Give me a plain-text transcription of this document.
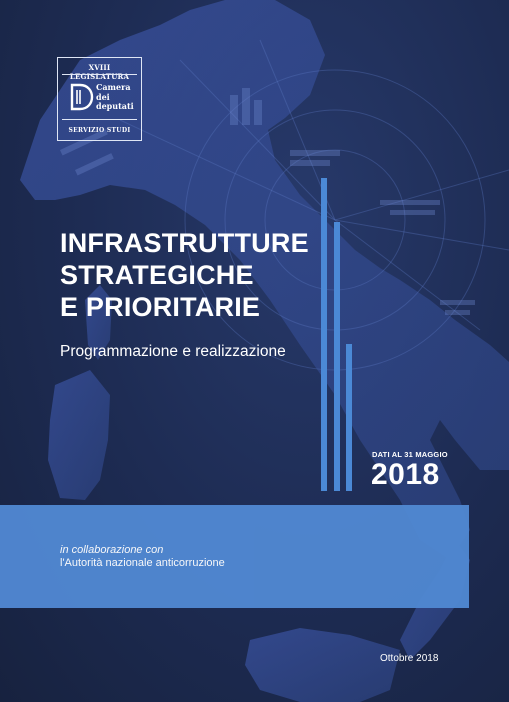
XVIII LEGISLATURA
Camera
dei
deputati
SERVIZIO STUDI
INFRASTRUTTURE
STRATEGICHE
E PRIORITARIE
Programmazione e realizzazione
DATI AL 31 MAGGIO
2018
in collaborazione con
l'Autorità nazionale anticorruzione
Ottobre 2018
